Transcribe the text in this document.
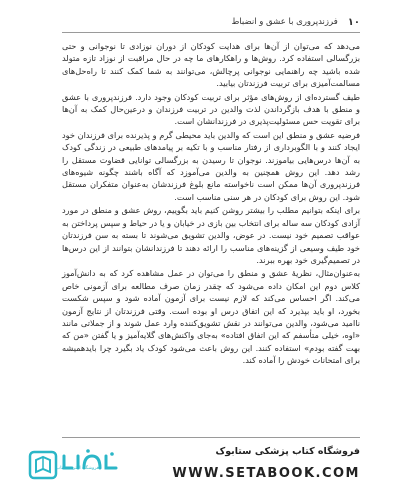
۱۰
فرزندپروری با عشق و انضباط

می‌دهد که می‌توان از آن‌ها برای هدایت کودکان از دوران نوزادی تا نوجوانی و حتی بزرگسالی استفاده کرد. روش‌ها و راهکارهای ما چه در حال مراقبت از نوزاد تازه متولد شده باشید چه راهنمایی نوجوانی پرچالش، می‌توانند به شما کمک کنند تا راه‌حل‌های مسالمت‌آمیزی برای تربیت فرزندتان بیابید.

طیف گسترده‌ای از روش‌های مؤثر برای تربیت کودکان وجود دارد. فرزندپروری با عشق و منطق با هدف بازگرداندن لذت والدین در تربیت فرزندان و درعین‌حال کمک به آن‌ها برای تقویت حس مسئولیت‌پذیری در فرزندانشان است.

فرضیه عشق و منطق این است که والدین باید محیطی گرم و پذیرنده برای فرزندان خود ایجاد کنند و با الگوبرداری از رفتار مناسب و با تکیه بر پیامدهای طبیعی در زندگی کودک به آن‌ها درس‌هایی بیاموزند. نوجوان تا رسیدن به بزرگسالی توانایی قضاوت مستقل را رشد دهد. این روش همچنین به والدین می‌آموزد که آگاه باشند چگونه شیوه‌های فرزندپروری آن‌ها ممکن است ناخواسته مانع بلوغ فرزندشان به‌عنوان متفکران مستقل شود. این روش برای کودکان در هر سنی مناسب است.

برای اینکه بتوانیم مطلب را بیشتر روشن کنیم باید بگوییم، روش عشق و منطق در مورد آزادی کودکان سه ساله برای انتخاب بین بازی در خیابان و یا در حیاط و سپس پرداختن به عواقب تصمیم خود نیست. در عوض، والدین تشویق می‌شوند تا بسته به سن فرزندتان خود طیف وسیعی از گزینه‌های مناسب را ارائه دهند تا فرزندانشان بتوانند از این درس‌ها در تصمیم‌گیری خود بهره ببرند.

به‌عنوان‌مثال، نظریهٔ عشق و منطق را می‌توان در عمل مشاهده کرد که به دانش‌آموز کلاس دوم این امکان داده می‌شود که چقدر زمان صرف مطالعه برای آزمونی خاص می‌کند. اگر احساس می‌کند که لازم نیست برای آزمون آماده شود و سپس شکست بخورد، او باید بپذیرد که این اتفاق درس او بوده است. وقتی فرزندتان از نتایج آزمون ناامید می‌شود، والدین می‌توانند در نقش تشویق‌کننده وارد عمل شوند و از جملاتی مانند «اوه، خیلی متأسفم که این اتفاق افتاده» به‌جای واکنش‌های گلایه‌آمیز و یا گفتن «من که بهت گفته بودم» استفاده کنند. این روش باعث می‌شود کودک یاد بگیرد چرا بایدهمیشه برای امتحانات خودش را آماده کند.

فروشگاه اینترنتی کتاب
فروشگاه کتاب پزشکی ستابوک
WWW.SETABOOK.COM
